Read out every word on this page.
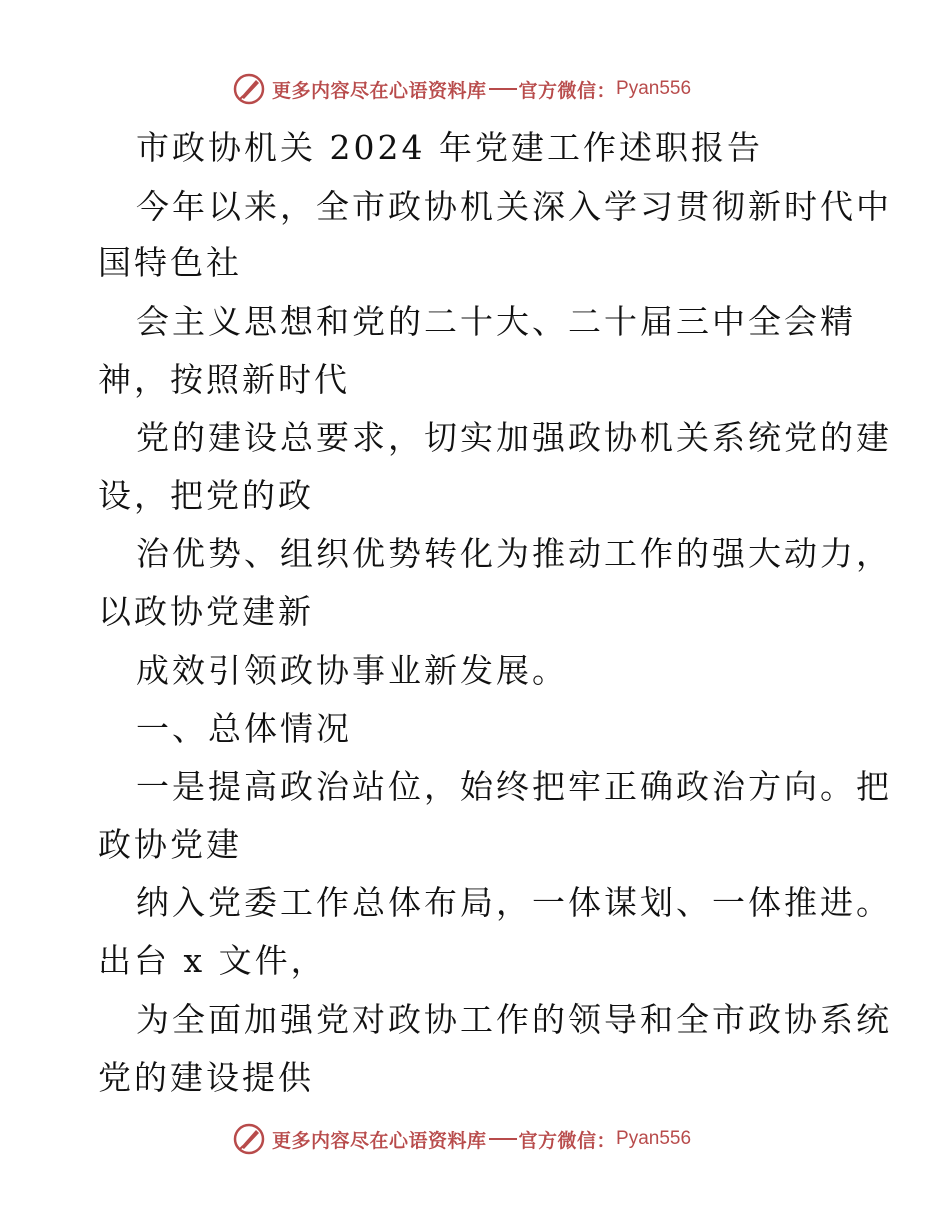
更多内容尽在心语资料库 官方微信： Pyan556
市政协机关 2024 年党建工作述职报告
今年以来，全市政协机关深入学习贯彻新时代中
国特色社
会主义思想和党的二十大、二十届三中全会精
神，按照新时代
党的建设总要求，切实加强政协机关系统党的建
设，把党的政
治优势、组织优势转化为推动工作的强大动力，
以政协党建新
成效引领政协事业新发展。
一、总体情况
一是提高政治站位，始终把牢正确政治方向。把
政协党建
纳入党委工作总体布局，一体谋划、一体推进。
出台 x 文件，
为全面加强党对政协工作的领导和全市政协系统
党的建设提供
更多内容尽在心语资料库 官方微信： Pyan556
